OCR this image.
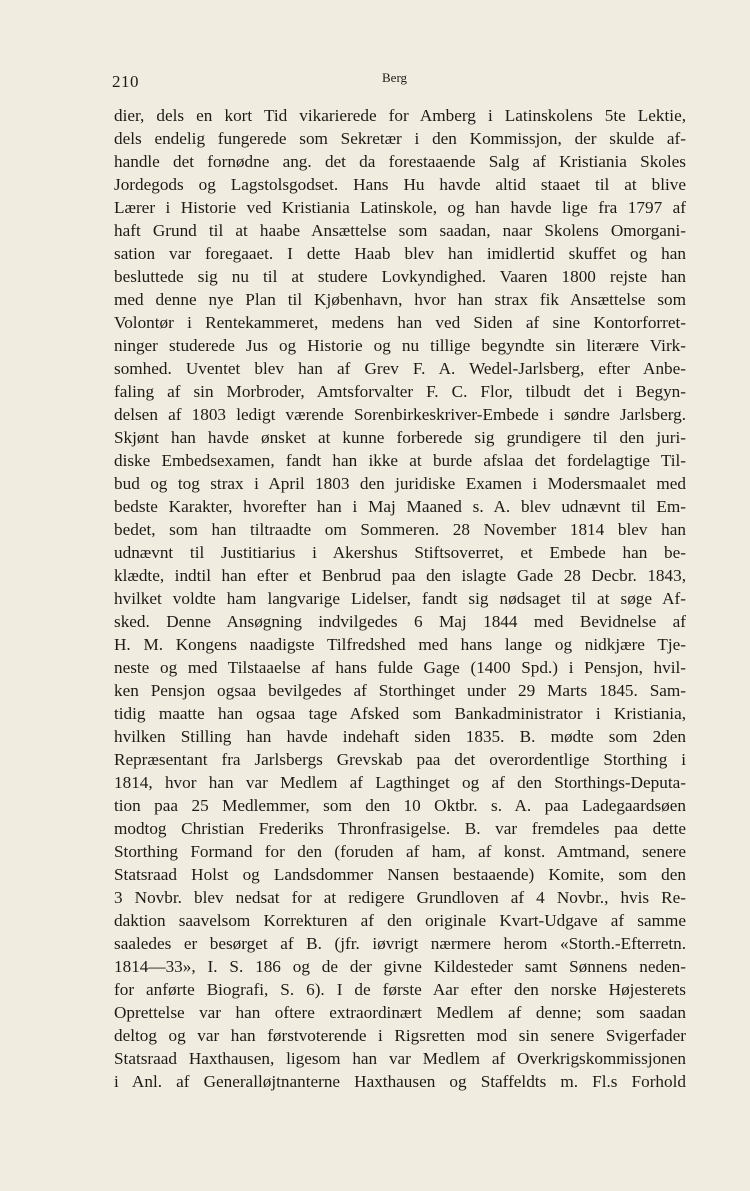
210	Berg
dier, dels en kort Tid vikarierede for Amberg i Latinskolens 5te Lektie,
dels endelig fungerede som Sekretær i den Kommissjon, der skulde af-
handle det fornødne ang. det da forestaaende Salg af Kristiania Skoles
Jordegods og Lagstolsgodset. Hans Hu havde altid staaet til at blive
Lærer i Historie ved Kristiania Latinskole, og han havde lige fra 1797 af
haft Grund til at haabe Ansættelse som saadan, naar Skolens Omorgani-
sation var foregaaet. I dette Haab blev han imidlertid skuffet og han
besluttede sig nu til at studere Lovkyndighed. Vaaren 1800 rejste han
med denne nye Plan til Kjøbenhavn, hvor han strax fik Ansættelse som
Volontør i Rentekammeret, medens han ved Siden af sine Kontorforret-
ninger studerede Jus og Historie og nu tillige begyndte sin literære Virk-
somhed. Uventet blev han af Grev F. A. Wedel-Jarlsberg, efter Anbe-
faling af sin Morbroder, Amtsforvalter F. C. Flor, tilbudt det i Begyn-
delsen af 1803 ledigt værende Sorenbirkeskriver-Embede i søndre Jarlsberg.
Skjønt han havde ønsket at kunne forberede sig grundigere til den juri-
diske Embedsexamen, fandt han ikke at burde afslaa det fordelagtige Til-
bud og tog strax i April 1803 den juridiske Examen i Modersmaalet med
bedste Karakter, hvorefter han i Maj Maaned s. A. blev udnævnt til Em-
bedet, som han tiltraadte om Sommeren. 28 November 1814 blev han
udnævnt til Justitiarius i Akershus Stiftsoverret, et Embede han be-
klædte, indtil han efter et Benbrud paa den islagte Gade 28 Decbr. 1843,
hvilket voldte ham langvarige Lidelser, fandt sig nødsaget til at søge Af-
sked. Denne Ansøgning indvilgedes 6 Maj 1844 med Bevidnelse af
H. M. Kongens naadigste Tilfredshed med hans lange og nidkjære Tje-
neste og med Tilstaaelse af hans fulde Gage (1400 Spd.) i Pensjon, hvil-
ken Pensjon ogsaa bevilgedes af Storthinget under 29 Marts 1845. Sam-
tidig maatte han ogsaa tage Afsked som Bankadministrator i Kristiania,
hvilken Stilling han havde indehaft siden 1835. B. mødte som 2den
Repræsentant fra Jarlsbergs Grevskab paa det overordentlige Storthing i
1814, hvor han var Medlem af Lagthinget og af den Storthings-Deputa-
tion paa 25 Medlemmer, som den 10 Oktbr. s. A. paa Ladegaardsøen
modtog Christian Frederiks Thronfrasigelse. B. var fremdeles paa dette
Storthing Formand for den (foruden af ham, af konst. Amtmand, senere
Statsraad Holst og Landsdommer Nansen bestaaende) Komite, som den
3 Novbr. blev nedsat for at redigere Grundloven af 4 Novbr., hvis Re-
daktion saavelsom Korrekturen af den originale Kvart-Udgave af samme
saaledes er besørget af B. (jfr. iøvrigt nærmere herom «Storth.-Efterretn.
1814—33», I. S. 186 og de der givne Kildesteder samt Sønnens neden-
for anførte Biografi, S. 6). I de første Aar efter den norske Højesterets
Oprettelse var han oftere extraordinært Medlem af denne; som saadan
deltog og var han førstvoterende i Rigsretten mod sin senere Svigerfader
Statsraad Haxthausen, ligesom han var Medlem af Overkrigskommissjonen
i Anl. af Generalløjtnanterne Haxthausen og Staffeldts m. Fl.s Forhold
